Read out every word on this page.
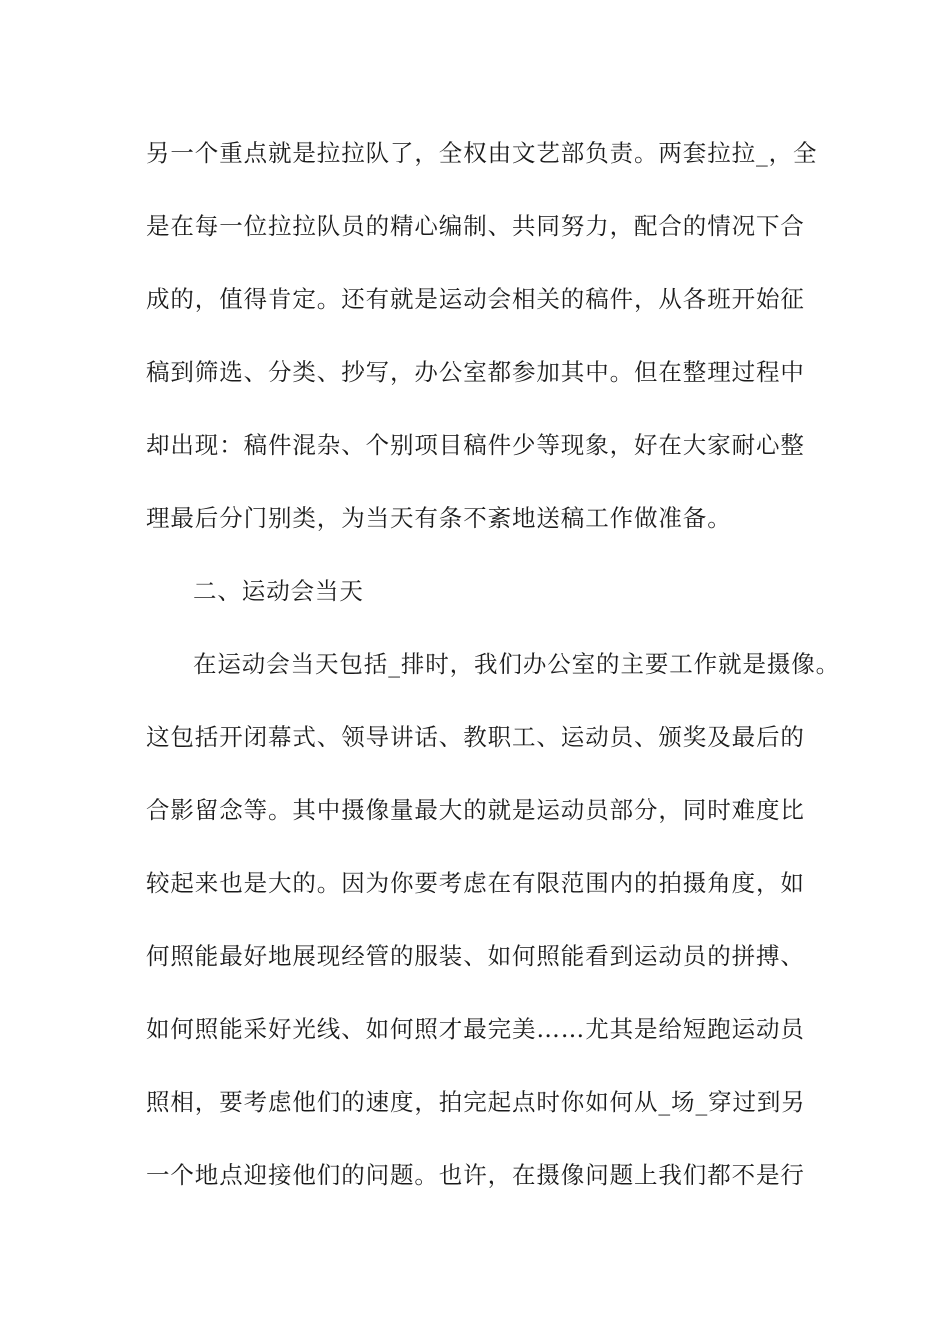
另一个重点就是拉拉队了，全权由文艺部负责。两套拉拉_，全
是在每一位拉拉队员的精心编制、共同努力，配合的情况下合
成的，值得肯定。还有就是运动会相关的稿件，从各班开始征
稿到筛选、分类、抄写，办公室都参加其中。但在整理过程中
却出现：稿件混杂、个别项目稿件少等现象，好在大家耐心整
理最后分门别类，为当天有条不紊地送稿工作做准备。
二、运动会当天
在运动会当天包括_排时，我们办公室的主要工作就是摄像。
这包括开闭幕式、领导讲话、教职工、运动员、颁奖及最后的
合影留念等。其中摄像量最大的就是运动员部分，同时难度比
较起来也是大的。因为你要考虑在有限范围内的拍摄角度，如
何照能最好地展现经管的服装、如何照能看到运动员的拼搏、
如何照能采好光线、如何照才最完美……尤其是给短跑运动员
照相，要考虑他们的速度，拍完起点时你如何从_场_穿过到另
一个地点迎接他们的问题。也许，在摄像问题上我们都不是行
